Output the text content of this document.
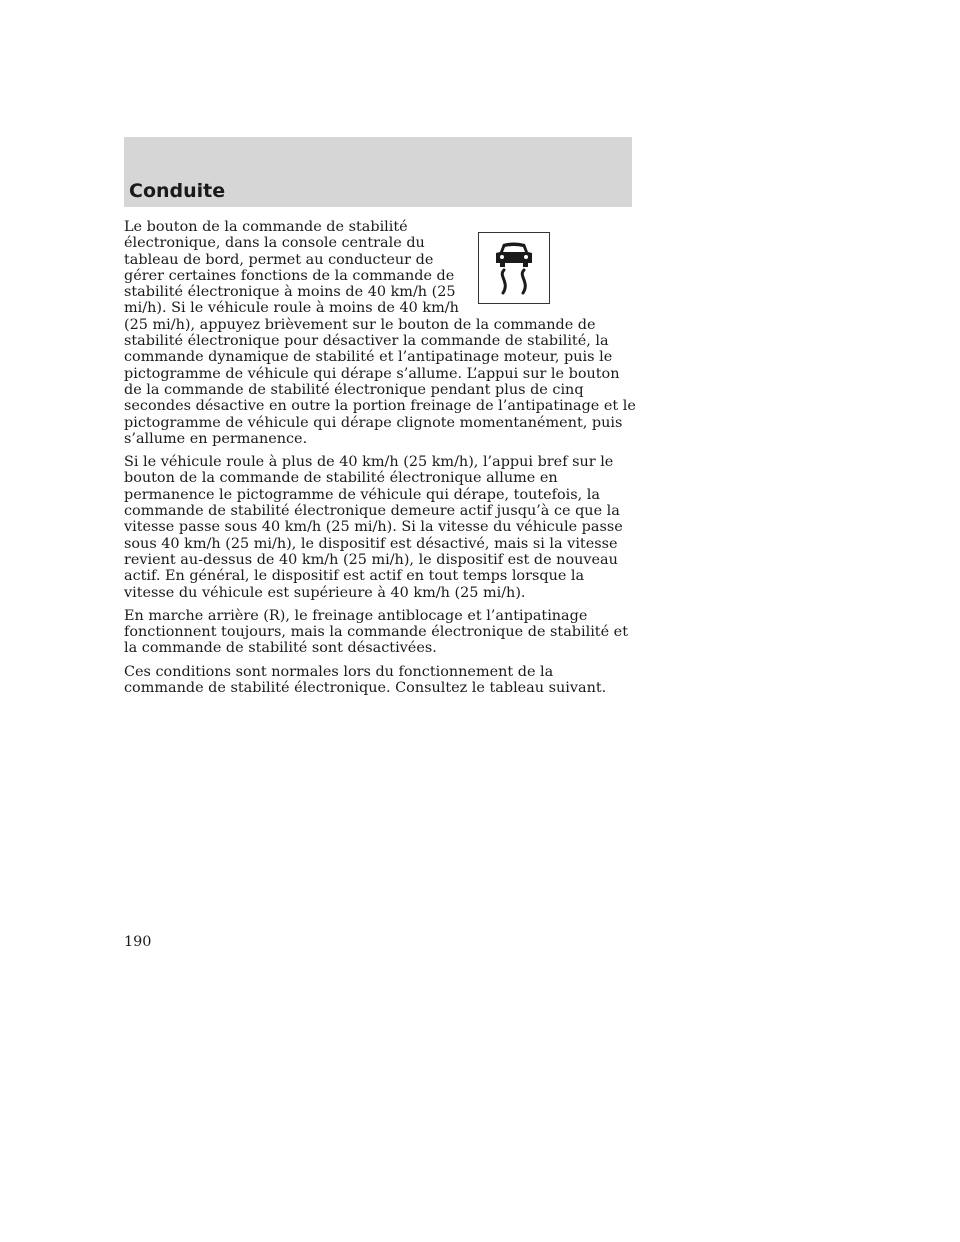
Conduite

Le bouton de la commande de stabilité électronique, dans la console centrale du tableau de bord, permet au conducteur de gérer certaines fonctions de la commande de stabilité électronique à moins de 40 km/h (25 mi/h). Si le véhicule roule à moins de 40 km/h (25 mi/h), appuyez brièvement sur le bouton de la commande de stabilité électronique pour désactiver la commande de stabilité, la commande dynamique de stabilité et l’antipatinage moteur, puis le pictogramme de véhicule qui dérape s’allume. L’appui sur le bouton de la commande de stabilité électronique pendant plus de cinq secondes désactive en outre la portion freinage de l’antipatinage et le pictogramme de véhicule qui dérape clignote momentanément, puis s’allume en permanence.

Si le véhicule roule à plus de 40 km/h (25 km/h), l’appui bref sur le bouton de la commande de stabilité électronique allume en permanence le pictogramme de véhicule qui dérape, toutefois, la commande de stabilité électronique demeure actif jusqu’à ce que la vitesse passe sous 40 km/h (25 mi/h). Si la vitesse du véhicule passe sous 40 km/h (25 mi/h), le dispositif est désactivé, mais si la vitesse revient au-dessus de 40 km/h (25 mi/h), le dispositif est de nouveau actif. En général, le dispositif est actif en tout temps lorsque la vitesse du véhicule est supérieure à 40 km/h (25 mi/h).

En marche arrière (R), le freinage antiblocage et l’antipatinage fonctionnent toujours, mais la commande électronique de stabilité et la commande de stabilité sont désactivées.

Ces conditions sont normales lors du fonctionnement de la commande de stabilité électronique. Consultez le tableau suivant.

190
